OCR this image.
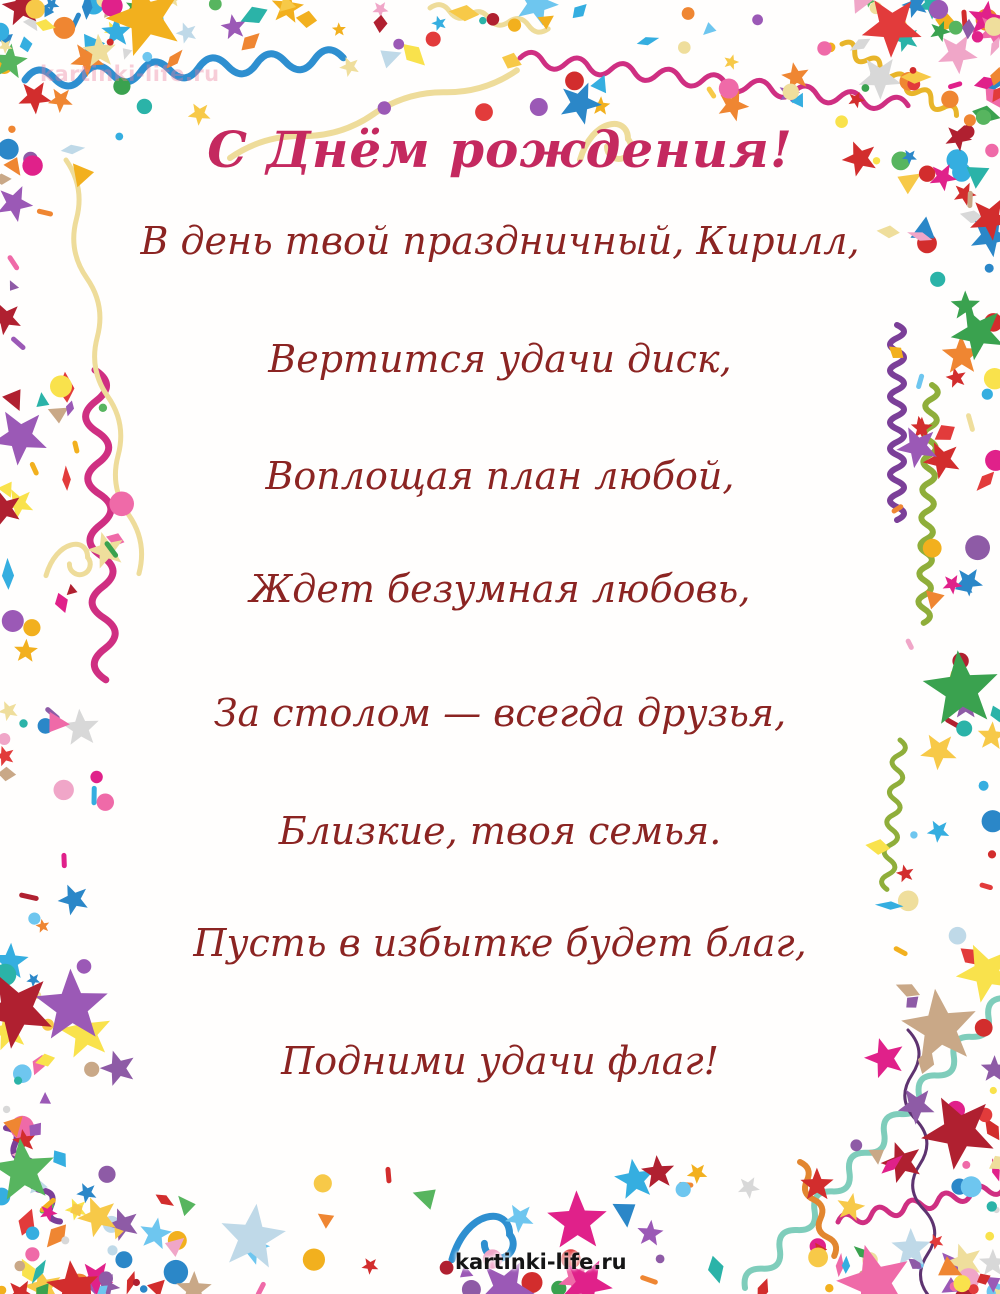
С Днём рождения!

В день твой праздничный, Кирилл,

Вертится удачи диск,

Воплощая план любой,

Ждет безумная любовь,

За столом — всегда друзья,

Близкие, твоя семья.

Пусть в избытке будет благ,

Подними удачи флаг!

kartinki-life.ru
kartinki-life.ru
